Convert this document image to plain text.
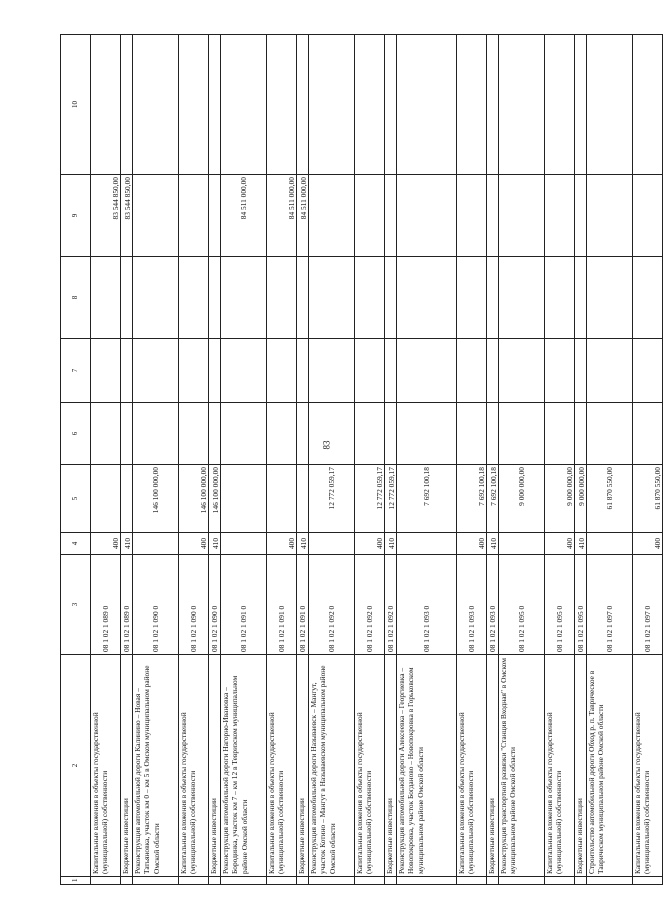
83
1	2	3	4	5	6	7	8	9	10
	Капитальные вложения в объекты государственной (муниципальной) собственности	08 1 02 1 089 0	400					83 544 850,00	
	Бюджетные инвестиции	08 1 02 1 089 0	410					83 544 850,00	
	Реконструкция автомобильной дороги Калинино – Новая – Татьяновка, участок км 0 – км 5 в Омском муниципальном районе Омской области	08 1 02 1 090 0		146 100 000,00					
	Капитальные вложения в объекты государственной (муниципальной) собственности	08 1 02 1 090 0	400	146 100 000,00					
	Бюджетные инвестиции	08 1 02 1 090 0	410	146 100 000,00					
	Реконструкция автомобильной дороги Нагорно-Ивановка – Бородинка, участок км 7 – км 12 в Тевризском муниципальном районе Омской области	08 1 02 1 091 0						84 511 000,00	
	Капитальные вложения в объекты государственной (муниципальной) собственности	08 1 02 1 091 0	400					84 511 000,00	
	Бюджетные инвестиции	08 1 02 1 091 0	410					84 511 000,00	
	Реконструкция автомобильной дороги Называевск – Мангут, участок Котино – Мангут в Называевском муниципальном районе Омской области	08 1 02 1 092 0		12 772 059,17					
	Капитальные вложения в объекты государственной (муниципальной) собственности	08 1 02 1 092 0	400	12 772 059,17					
	Бюджетные инвестиции	08 1 02 1 092 0	410	12 772 059,17					
	Реконструкция автомобильной дороги Алексеевка – Георгиевка – Новопокровка, участок Богданово – Новопокровка в Горьковском муниципальном районе Омской области	08 1 02 1 093 0		7 692 100,18					
	Капитальные вложения в объекты государственной (муниципальной) собственности	08 1 02 1 093 0	400	7 692 100,18					
	Бюджетные инвестиции	08 1 02 1 093 0	410	7 692 100,18					
	Реконструкция транспортной развязки "Станция Входная" в Омском муниципальном районе Омской области	08 1 02 1 095 0		9 000 000,00					
	Капитальные вложения в объекты государственной (муниципальной) собственности	08 1 02 1 095 0	400	9 000 000,00					
	Бюджетные инвестиции	08 1 02 1 095 0	410	9 000 000,00					
	Строительство автомобильной дороги Обход р. п. Таврическое в Таврическом муниципальном районе Омской области	08 1 02 1 097 0		61 870 550,00					
	Капитальные вложения в объекты государственной (муниципальной) собственности	08 1 02 1 097 0	400	61 870 550,00					
